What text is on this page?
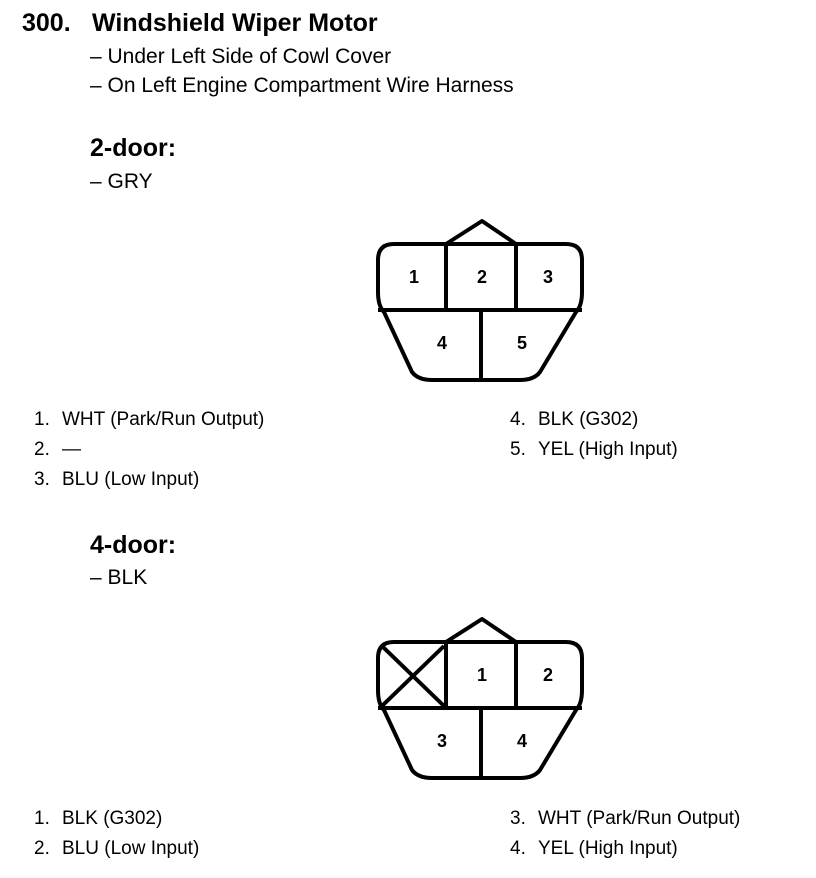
300. Windshield Wiper Motor
– Under Left Side of Cowl Cover
– On Left Engine Compartment Wire Harness
2-door:
– GRY
1	2	3
4	5
1. WHT (Park/Run Output)
2. —
3. BLU (Low Input)
4. BLK (G302)
5. YEL (High Input)
4-door:
– BLK
1	2
3	4
1. BLK (G302)
2. BLU (Low Input)
3. WHT (Park/Run Output)
4. YEL (High Input)
